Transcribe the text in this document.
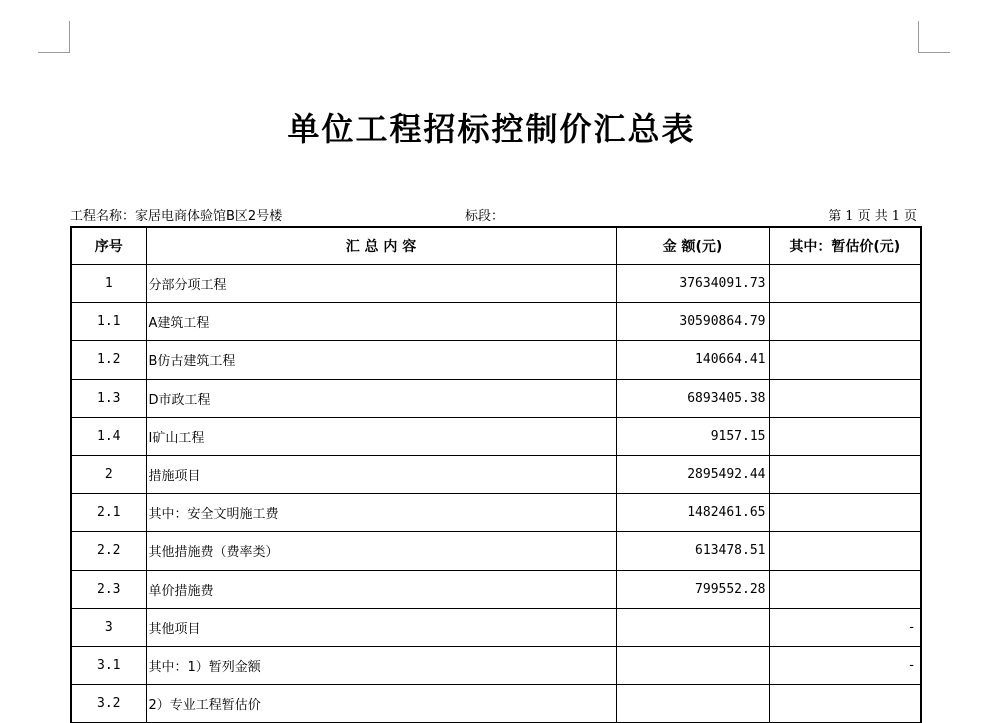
单位工程招标控制价汇总表
工程名称：家居电商体验馆B区2号楼	标段：	第 1 页 共 1 页
序号	汇 总 内 容	金 额(元)	其中：暂估价(元)
1	分部分项工程	37634091.73	
1.1	A建筑工程	30590864.79	
1.2	B仿古建筑工程	140664.41	
1.3	D市政工程	6893405.38	
1.4	I矿山工程	9157.15	
2	措施项目	2895492.44	
2.1	其中：安全文明施工费	1482461.65	
2.2	其他措施费（费率类）	613478.51	
2.3	单价措施费	799552.28	
3	其他项目		-
3.1	其中：1）暂列金额		-
3.2	2）专业工程暂估价		
